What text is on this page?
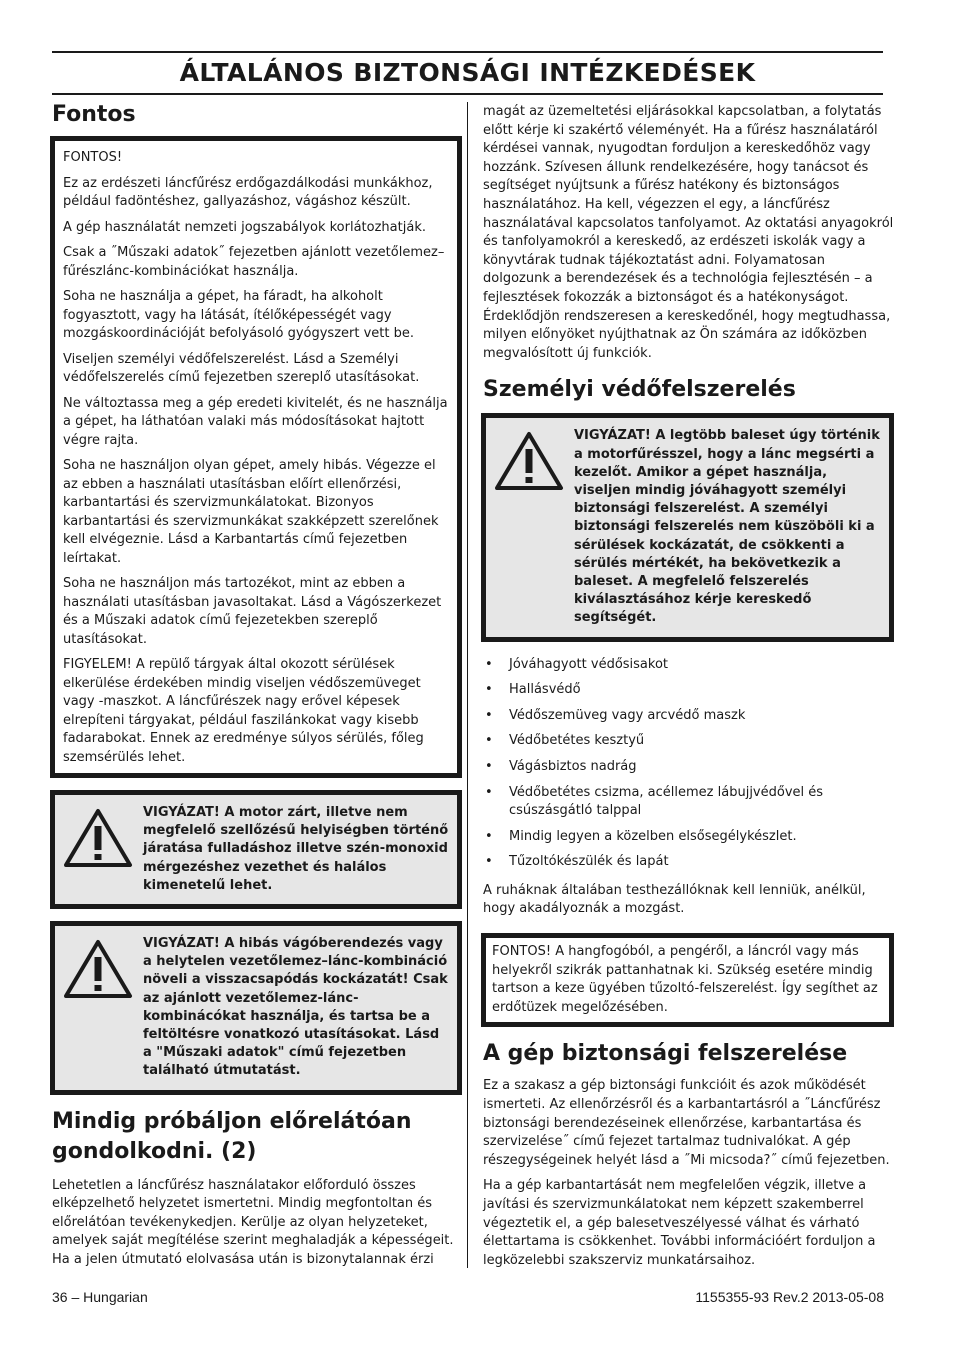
ÁLTALÁNOS BIZTONSÁGI INTÉZKEDÉSEK
Fontos

FONTOS!

Ez az erdészeti láncfűrész erdőgazdálkodási munkákhoz, például fadöntéshez, gallyazáshoz, vágáshoz készült.

A gép használatát nemzeti jogszabályok korlátozhatják.

Csak a ˝Műszaki adatok˝ fejezetben ajánlott vezetőlemez–fűrészlánc-kombinációkat használja.

Soha ne használja a gépet, ha fáradt, ha alkoholt fogyasztott, vagy ha látását, ítélőképességét vagy mozgáskoordinációját befolyásoló gyógyszert vett be.

Viseljen személyi védőfelszerelést. Lásd a Személyi védőfelszerelés című fejezetben szereplő utasításokat.

Ne változtassa meg a gép eredeti kivitelét, és ne használja a gépet, ha láthatóan valaki más módosításokat hajtott végre rajta.

Soha ne használjon olyan gépet, amely hibás. Végezze el az ebben a használati utasításban előírt ellenőrzési, karbantartási és szervizmunkálatokat. Bizonyos karbantartási és szervizmunkákat szakképzett szerelőnek kell elvégeznie. Lásd a Karbantartás című fejezetben leírtakat.

Soha ne használjon más tartozékot, mint az ebben a használati utasításban javasoltakat. Lásd a Vágószerkezet és a Műszaki adatok című fejezetekben szereplő utasításokat.

FIGYELEM! A repülő tárgyak által okozott sérülések elkerülése érdekében mindig viseljen védőszemüveget vagy -maszkot. A láncfűrészek nagy erővel képesek elrepíteni tárgyakat, például faszilánkokat vagy kisebb fadarabokat. Ennek az eredménye súlyos sérülés, főleg szemsérülés lehet.

VIGYÁZAT! A motor zárt, illetve nem megfelelő szellőzésű helyiségben történő járatása fulladáshoz illetve szén-monoxid mérgezéshez vezethet és halálos kimenetelű lehet.
VIGYÁZAT! A hibás vágóberendezés vagy a helytelen vezetőlemez–lánc-kombináció növeli a visszacsapódás kockázatát! Csak az ajánlott vezetőlemez-lánc-kombinácókat használja, és tartsa be a feltöltésre vonatkozó utasításokat. Lásd a "Műszaki adatok" című fejezetben található útmutatást.
Mindig próbáljon előrelátóan gondolkodni. (2)

Lehetetlen a láncfűrész használatakor előforduló összes elképzelhető helyzetet ismertetni. Mindig megfontoltan és előrelátóan tevékenykedjen. Kerülje az olyan helyzeteket, amelyek saját megítélése szerint meghaladják a képességeit. Ha a jelen útmutató elolvasása után is bizonytalannak érzi

magát az üzemeltetési eljárásokkal kapcsolatban, a folytatás előtt kérje ki szakértő véleményét. Ha a fűrész használatáról kérdései vannak, nyugodtan forduljon a kereskedőhöz vagy hozzánk. Szívesen állunk rendelkezésére, hogy tanácsot és segítséget nyújtsunk a fűrész hatékony és biztonságos használatához. Ha kell, végezzen el egy, a láncfűrész használatával kapcsolatos tanfolyamot. Az oktatási anyagokról és tanfolyamokról a kereskedő, az erdészeti iskolák vagy a könyvtárak tudnak tájékoztatást adni. Folyamatosan dolgozunk a berendezések és a technológia fejlesztésén – a fejlesztések fokozzák a biztonságot és a hatékonyságot. Érdeklődjön rendszeresen a kereskedőnél, hogy megtudhassa, milyen előnyöket nyújthatnak az Ön számára az időközben megvalósított új funkciók.

Személyi védőfelszerelés
VIGYÁZAT! A legtöbb baleset úgy történik a motorfűrésszel, hogy a lánc megsérti a kezelőt. Amikor a gépet használja, viseljen mindig jóváhagyott személyi biztonsági felszerelést. A személyi biztonsági felszerelés nem küszöböli ki a sérülések kockázatát, de csökkenti a sérülés mértékét, ha bekövetkezik a baleset. A megfelelő felszerelés kiválasztásához kérje kereskedő segítségét.
• Jóváhagyott védősisakot
• Hallásvédő
• Védőszemüveg vagy arcvédő maszk
• Védőbetétes kesztyű
• Vágásbiztos nadrág
• Védőbetétes csizma, acéllemez lábujjvédővel és csúszásgátló talppal
• Mindig legyen a közelben elsősegélykészlet.
• Tűzoltókészülék és lapát

A ruháknak általában testhezállóknak kell lenniük, anélkül, hogy akadályoznák a mozgást.

FONTOS! A hangfogóból, a pengéről, a láncról vagy más helyekről szikrák pattanhatnak ki. Szükség esetére mindig tartson a keze ügyében tűzoltó-felszerelést. Így segíthet az erdőtüzek megelőzésében.
A gép biztonsági felszerelése

Ez a szakasz a gép biztonsági funkcióit és azok működését ismerteti. Az ellenőrzésről és a karbantartásról a ˝Láncfűrész biztonsági berendezéseinek ellenőrzése, karbantartása és szervizelése˝ című fejezet tartalmaz tudnivalókat. A gép részegységeinek helyét lásd a ˝Mi micsoda?˝ című fejezetben.

Ha a gép karbantartását nem megfelelően végzik, illetve a javítási és szervizmunkálatokat nem képzett szakemberrel végeztetik el, a gép balesetveszélyessé válhat és várható élettartama is csökkenhet. További információért forduljon a legközelebbi szakszerviz munkatársaihoz.

36 – Hungarian	1155355-93 Rev.2 2013-05-08
